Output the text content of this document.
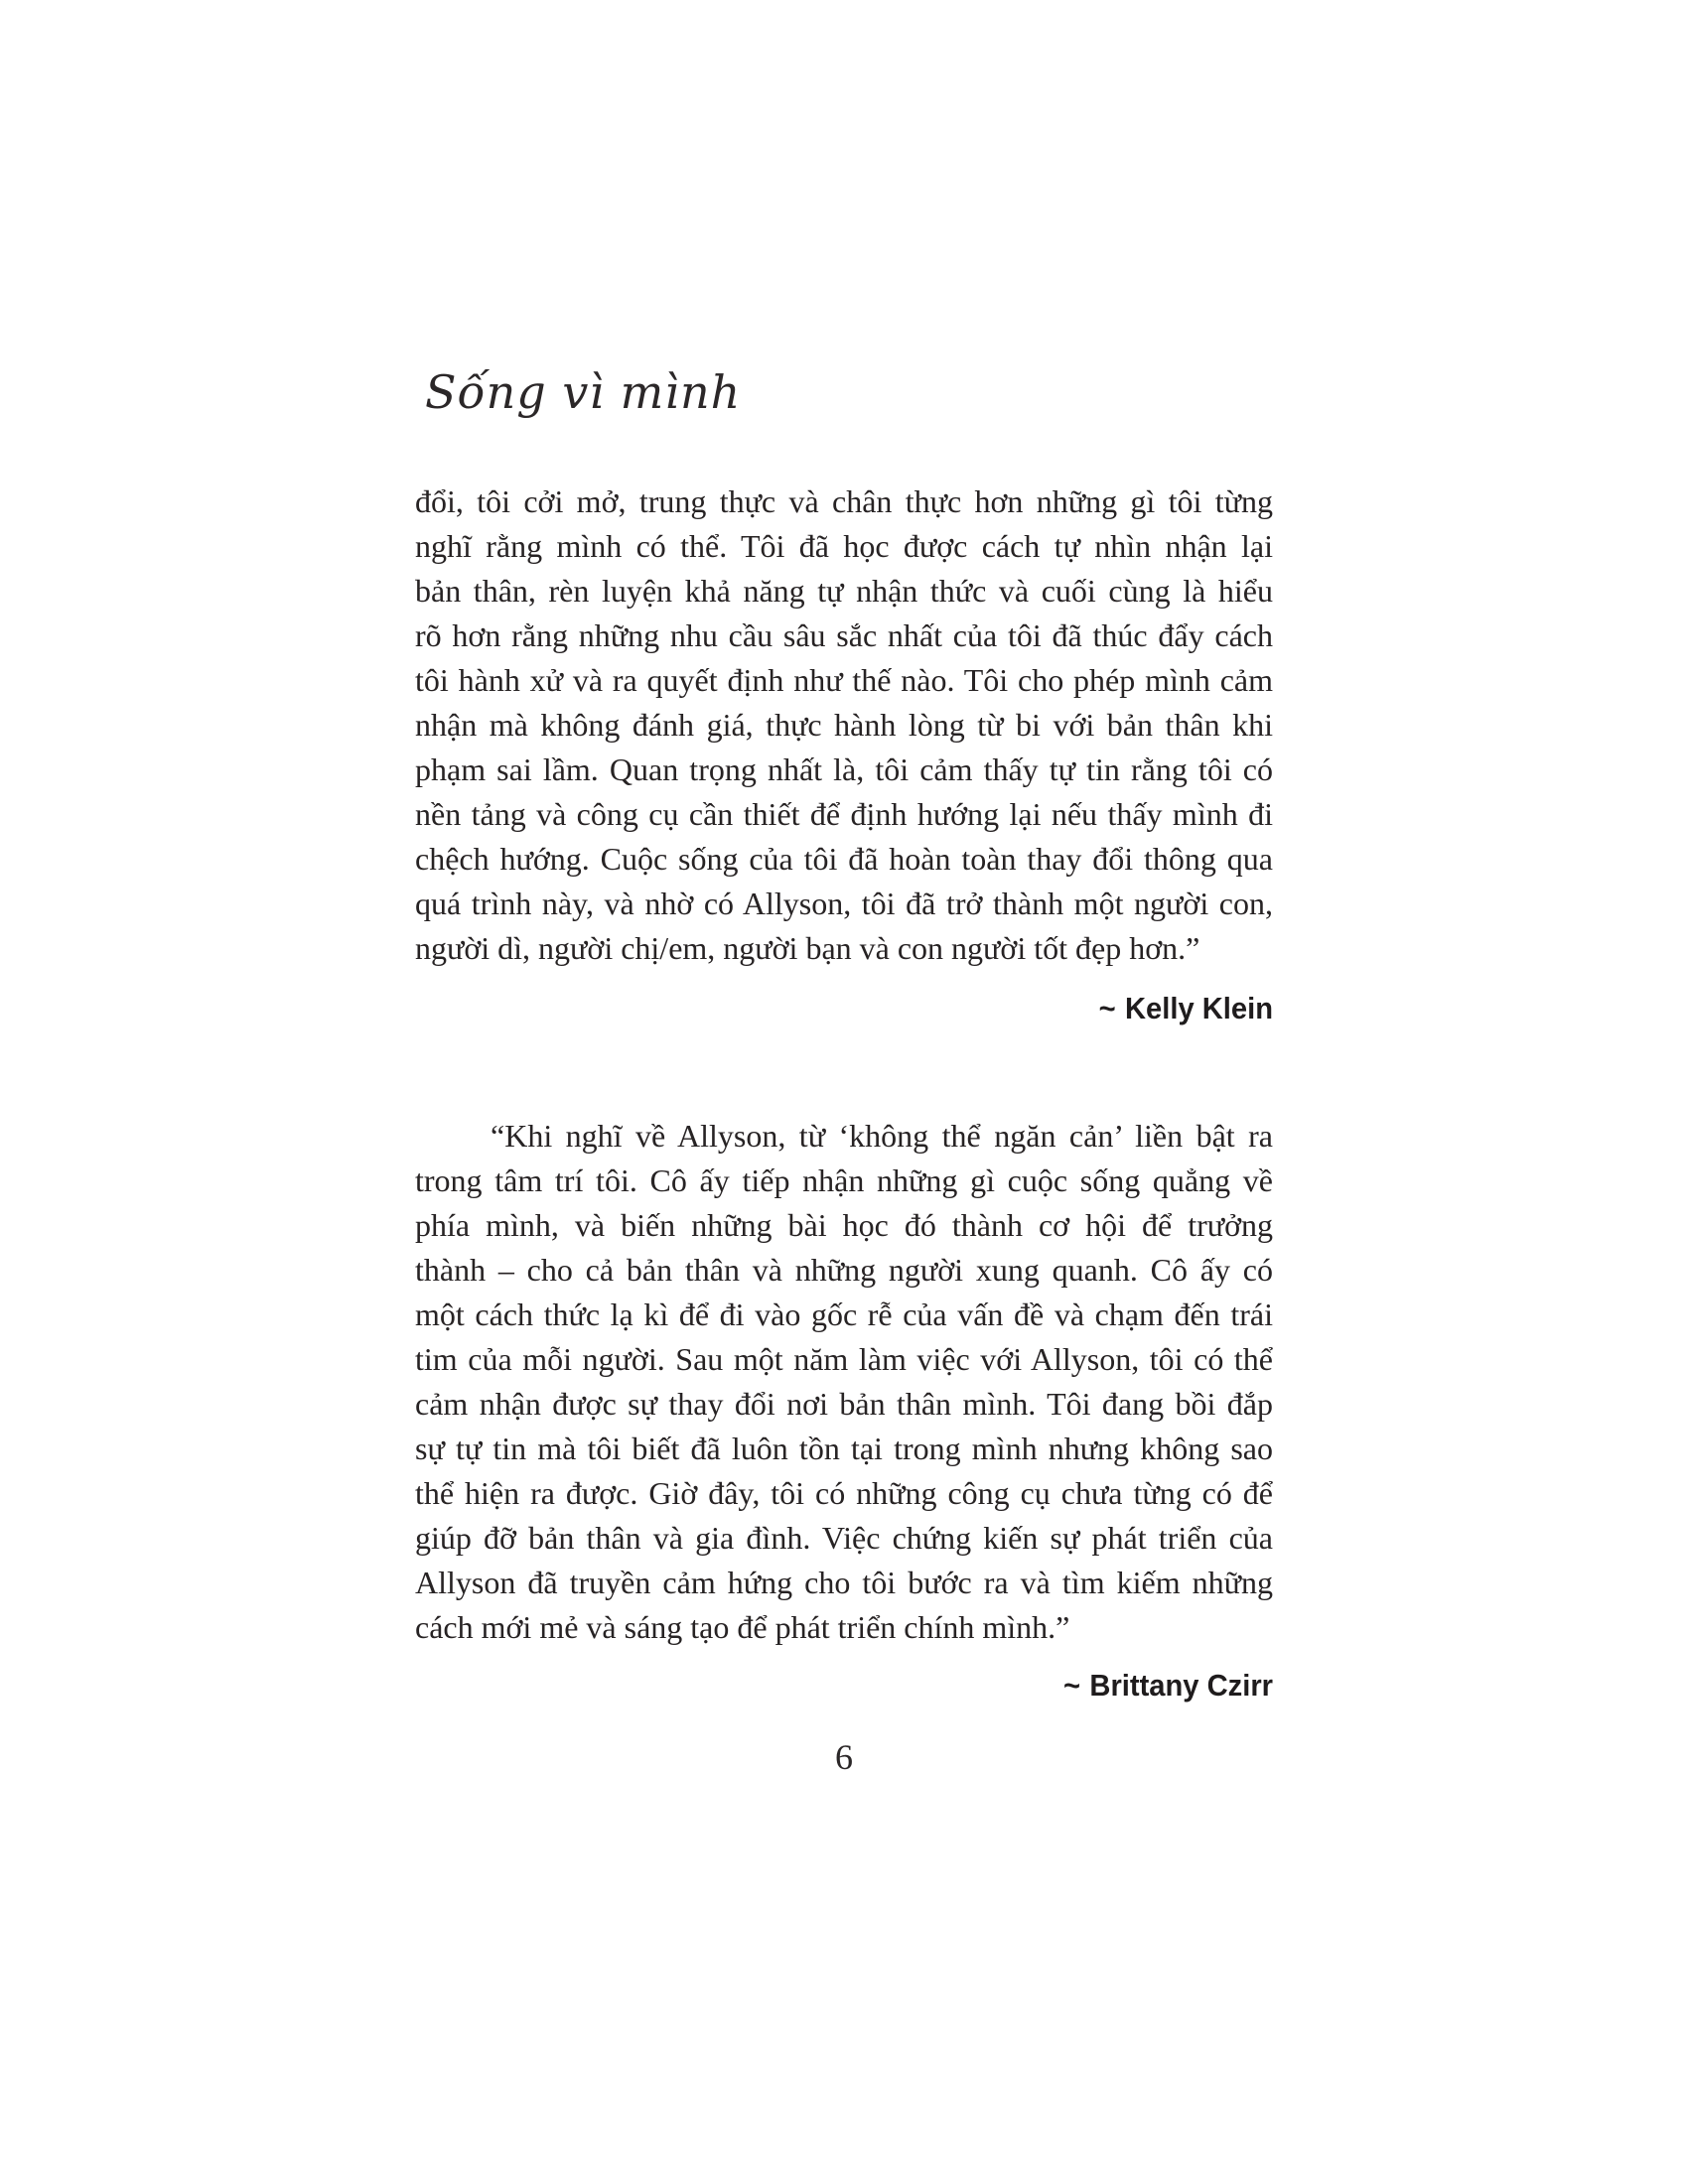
Sống vì mình
đổi, tôi cởi mở, trung thực và chân thực hơn những gì tôi từng
nghĩ rằng mình có thể. Tôi đã học được cách tự nhìn nhận lại
bản thân, rèn luyện khả năng tự nhận thức và cuối cùng là hiểu
rõ hơn rằng những nhu cầu sâu sắc nhất của tôi đã thúc đẩy cách
tôi hành xử và ra quyết định như thế nào. Tôi cho phép mình cảm
nhận mà không đánh giá, thực hành lòng từ bi với bản thân khi
phạm sai lầm. Quan trọng nhất là, tôi cảm thấy tự tin rằng tôi có
nền tảng và công cụ cần thiết để định hướng lại nếu thấy mình đi
chệch hướng. Cuộc sống của tôi đã hoàn toàn thay đổi thông qua
quá trình này, và nhờ có Allyson, tôi đã trở thành một người con,
người dì, người chị/em, người bạn và con người tốt đẹp hơn.”
~ Kelly Klein
“Khi nghĩ về Allyson, từ ‘không thể ngăn cản’ liền bật ra
trong tâm trí tôi. Cô ấy tiếp nhận những gì cuộc sống quẳng về
phía mình, và biến những bài học đó thành cơ hội để trưởng
thành – cho cả bản thân và những người xung quanh. Cô ấy có
một cách thức lạ kì để đi vào gốc rễ của vấn đề và chạm đến trái
tim của mỗi người. Sau một năm làm việc với Allyson, tôi có thể
cảm nhận được sự thay đổi nơi bản thân mình. Tôi đang bồi đắp
sự tự tin mà tôi biết đã luôn tồn tại trong mình nhưng không sao
thể hiện ra được. Giờ đây, tôi có những công cụ chưa từng có để
giúp đỡ bản thân và gia đình. Việc chứng kiến sự phát triển của
Allyson đã truyền cảm hứng cho tôi bước ra và tìm kiếm những
cách mới mẻ và sáng tạo để phát triển chính mình.”
~ Brittany Czirr
6
